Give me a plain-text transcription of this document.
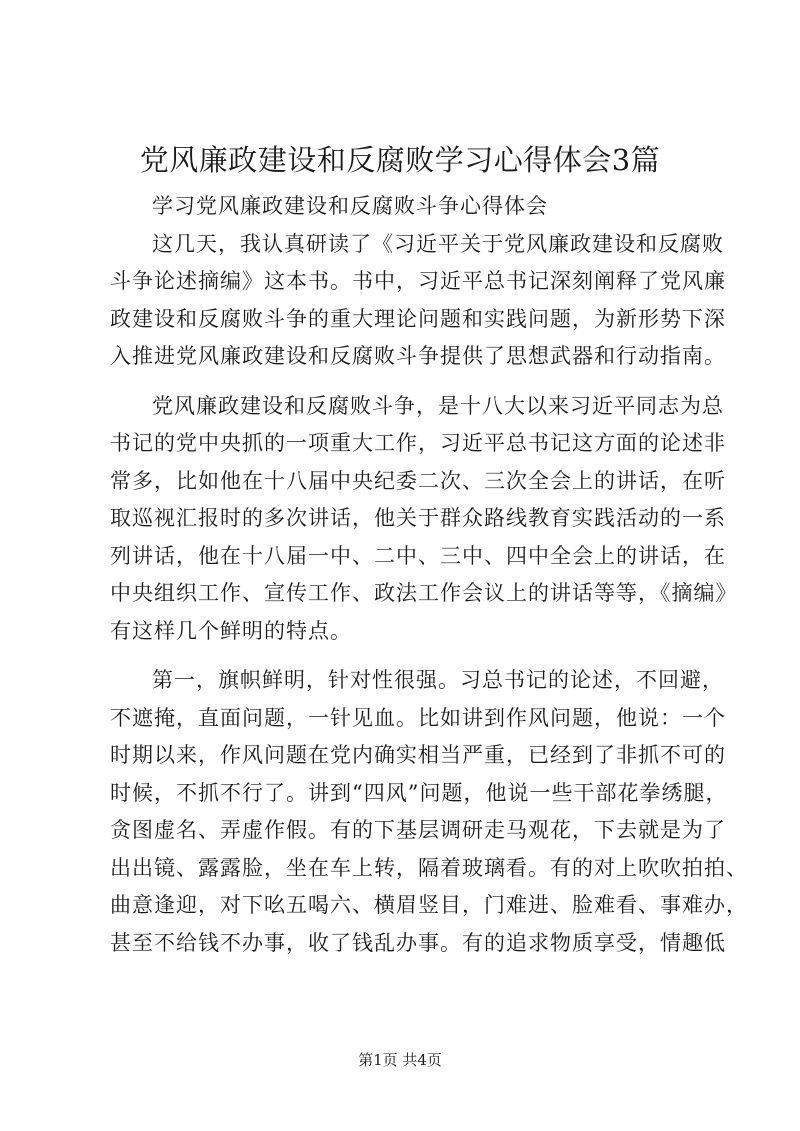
党风廉政建设和反腐败学习心得体会3篇
学习党风廉政建设和反腐败斗争心得体会
这几天，我认真研读了《习近平关于党风廉政建设和反腐败
斗争论述摘编》这本书。书中，习近平总书记深刻阐释了党风廉
政建设和反腐败斗争的重大理论问题和实践问题，为新形势下深
入推进党风廉政建设和反腐败斗争提供了思想武器和行动指南。
党风廉政建设和反腐败斗争，是十八大以来习近平同志为总
书记的党中央抓的一项重大工作，习近平总书记这方面的论述非
常多，比如他在十八届中央纪委二次、三次全会上的讲话，在听
取巡视汇报时的多次讲话，他关于群众路线教育实践活动的一系
列讲话，他在十八届一中、二中、三中、四中全会上的讲话，在
中央组织工作、宣传工作、政法工作会议上的讲话等等，《摘编》
有这样几个鲜明的特点。
第一，旗帜鲜明，针对性很强。习总书记的论述，不回避，
不遮掩，直面问题，一针见血。比如讲到作风问题，他说：一个
时期以来，作风问题在党内确实相当严重，已经到了非抓不可的
时候，不抓不行了。讲到“四风”问题，他说一些干部花拳绣腿，
贪图虚名、弄虚作假。有的下基层调研走马观花，下去就是为了
出出镜、露露脸，坐在车上转，隔着玻璃看。有的对上吹吹拍拍、
曲意逢迎，对下吆五喝六、横眉竖目，门难进、脸难看、事难办，
甚至不给钱不办事，收了钱乱办事。有的追求物质享受，情趣低
第1页 共4页
